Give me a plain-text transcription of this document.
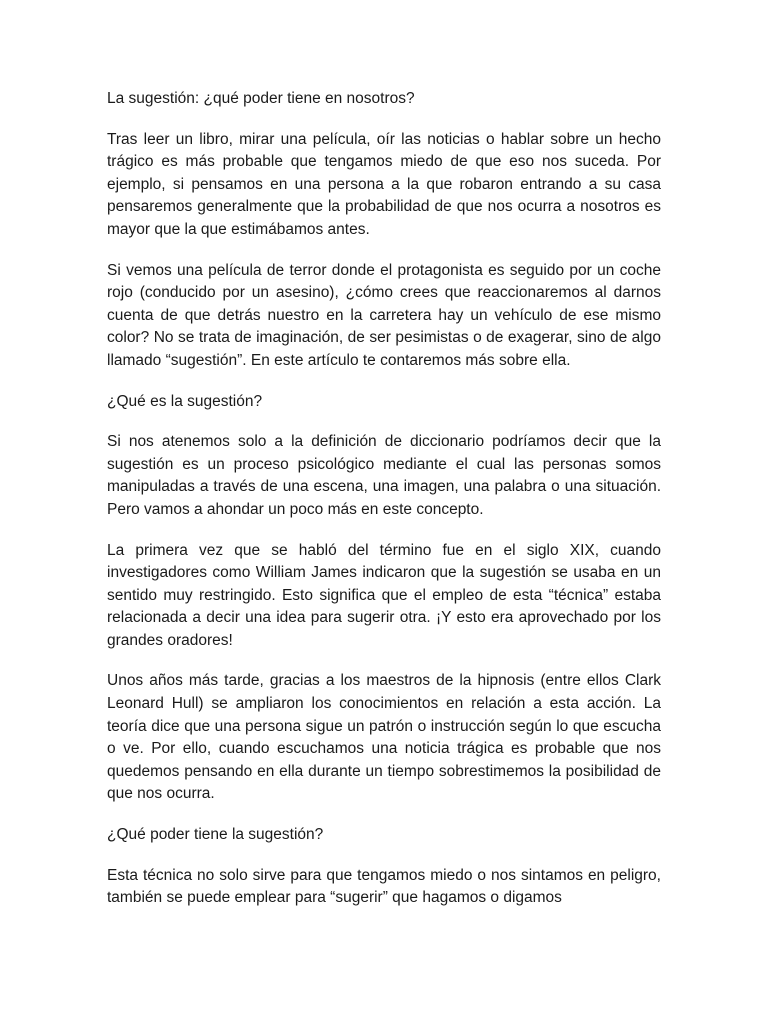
La sugestión: ¿qué poder tiene en nosotros?

Tras leer un libro, mirar una película, oír las noticias o hablar sobre un hecho trágico es más probable que tengamos miedo de que eso nos suceda. Por ejemplo, si pensamos en una persona a la que robaron entrando a su casa pensaremos generalmente que la probabilidad de que nos ocurra a nosotros es mayor que la que estimábamos antes.

Si vemos una película de terror donde el protagonista es seguido por un coche rojo (conducido por un asesino), ¿cómo crees que reaccionaremos al darnos cuenta de que detrás nuestro en la carretera hay un vehículo de ese mismo color? No se trata de imaginación, de ser pesimistas o de exagerar, sino de algo llamado “sugestión”. En este artículo te contaremos más sobre ella.

¿Qué es la sugestión?

Si nos atenemos solo a la definición de diccionario podríamos decir que la sugestión es un proceso psicológico mediante el cual las personas somos manipuladas a través de una escena, una imagen, una palabra o una situación. Pero vamos a ahondar un poco más en este concepto.

La primera vez que se habló del término fue en el siglo XIX, cuando investigadores como William James indicaron que la sugestión se usaba en un sentido muy restringido. Esto significa que el empleo de esta “técnica” estaba relacionada a decir una idea para sugerir otra. ¡Y esto era aprovechado por los grandes oradores!

Unos años más tarde, gracias a los maestros de la hipnosis (entre ellos Clark Leonard Hull) se ampliaron los conocimientos en relación a esta acción. La teoría dice que una persona sigue un patrón o instrucción según lo que escucha o ve. Por ello, cuando escuchamos una noticia trágica es probable que nos quedemos pensando en ella durante un tiempo sobrestimemos la posibilidad de que nos ocurra.

¿Qué poder tiene la sugestión?

Esta técnica no solo sirve para que tengamos miedo o nos sintamos en peligro, también se puede emplear para “sugerir” que hagamos o digamos
